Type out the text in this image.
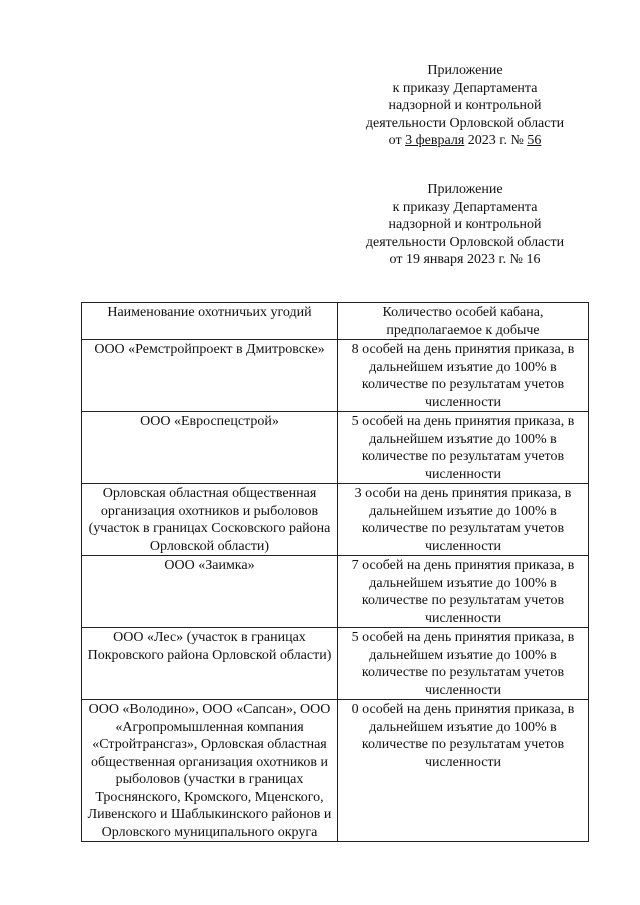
Приложение
к приказу Департамента
надзорной и контрольной
деятельности Орловской области
от 3 февраля 2023 г. № 56
Приложение
к приказу Департамента
надзорной и контрольной
деятельности Орловской области
от 19 января 2023 г. № 16
Наименование охотничьих угодий	Количество особей кабана, предполагаемое к добыче
ООО «Ремстройпроект в Дмитровске»	8 особей на день принятия приказа, в дальнейшем изъятие до 100% в количестве по результатам учетов численности
ООО «Евроспецстрой»	5 особей на день принятия приказа, в дальнейшем изъятие до 100% в количестве по результатам учетов численности
Орловская областная общественная организация охотников и рыболовов (участок в границах Сосковского района Орловской области)	3 особи на день принятия приказа, в дальнейшем изъятие до 100% в количестве по результатам учетов численности
ООО «Заимка»	7 особей на день принятия приказа, в дальнейшем изъятие до 100% в количестве по результатам учетов численности
ООО «Лес» (участок в границах Покровского района Орловской области)	5 особей на день принятия приказа, в дальнейшем изъятие до 100% в количестве по результатам учетов численности
ООО «Володино», ООО «Сапсан», ООО «Агропромышленная компания «Стройтрансгаз», Орловская областная общественная организация охотников и рыболовов (участки в границах Троснянского, Кромского, Мценского, Ливенского и Шаблыкинского районов и Орловского муниципального округа	0 особей на день принятия приказа, в дальнейшем изъятие до 100% в количестве по результатам учетов численности
